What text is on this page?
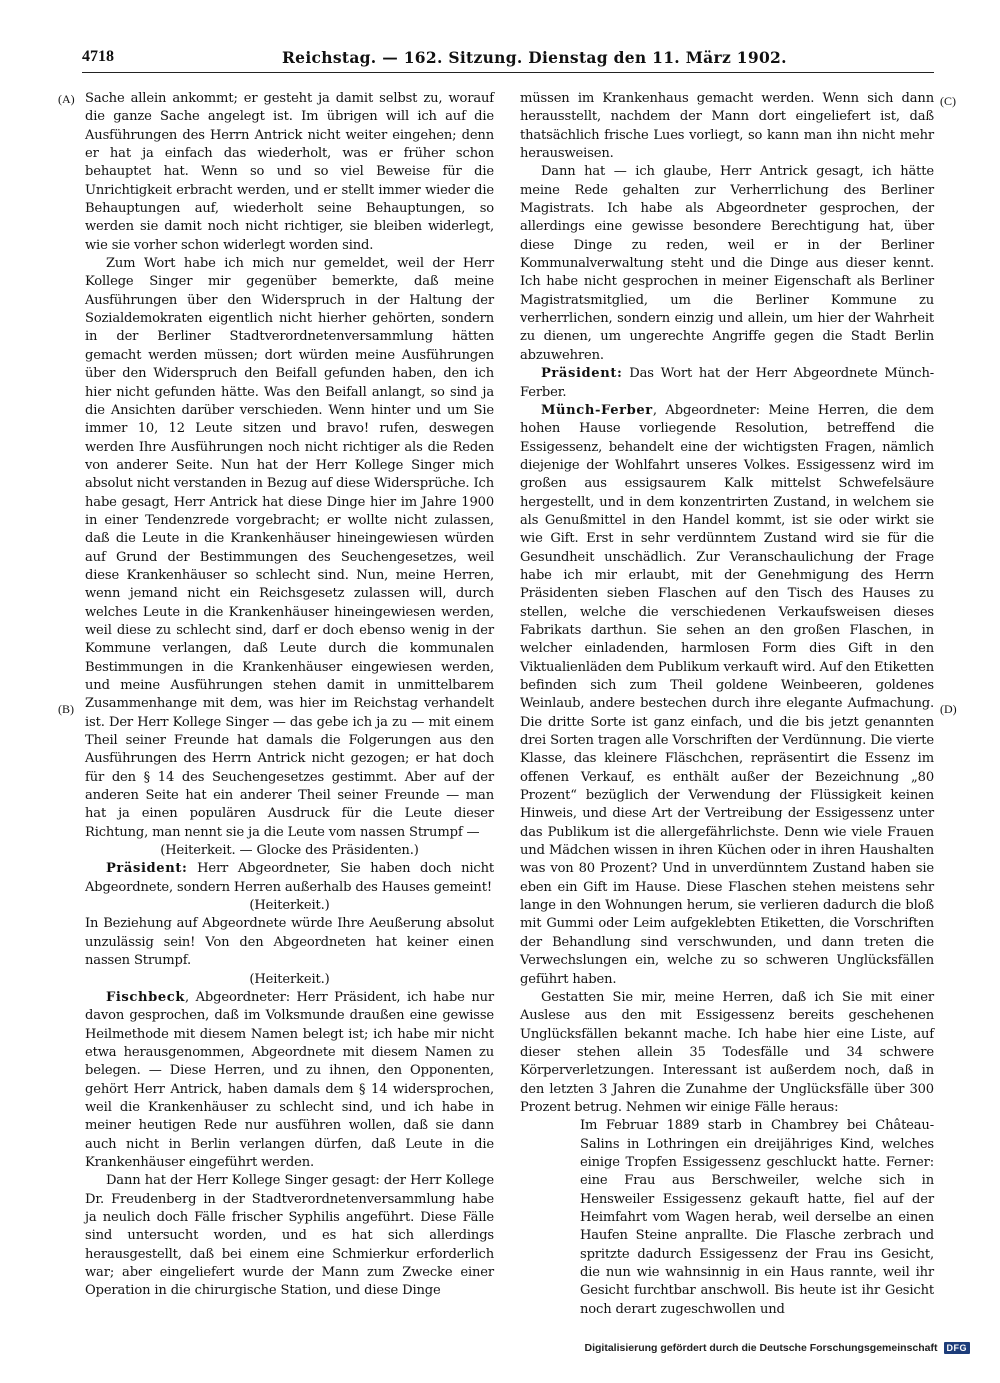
4718	Reichstag. — 162. Sitzung. Dienstag den 11. März 1902.
(A)
(B)
(C)
(D)

Sache allein ankommt; er gesteht ja damit selbst zu, worauf die ganze Sache angelegt ist. Im übrigen will ich auf die Ausführungen des Herrn Antrick nicht weiter eingehen; denn er hat ja einfach das wiederholt, was er früher schon behauptet hat. Wenn so und so viel Beweise für die Unrichtigkeit erbracht werden, und er stellt immer wieder die Behauptungen auf, wiederholt seine Behauptungen, so werden sie damit noch nicht richtiger, sie bleiben widerlegt, wie sie vorher schon widerlegt worden sind.

Zum Wort habe ich mich nur gemeldet, weil der Herr Kollege Singer mir gegenüber bemerkte, daß meine Ausführungen über den Widerspruch in der Haltung der Sozialdemokraten eigentlich nicht hierher gehörten, sondern in der Berliner Stadtverordnetenversammlung hätten gemacht werden müssen; dort würden meine Ausführungen über den Widerspruch den Beifall gefunden haben, den ich hier nicht gefunden hätte. Was den Beifall anlangt, so sind ja die Ansichten darüber verschieden. Wenn hinter und um Sie immer 10, 12 Leute sitzen und bravo! rufen, deswegen werden Ihre Ausführungen noch nicht richtiger als die Reden von anderer Seite. Nun hat der Herr Kollege Singer mich absolut nicht verstanden in Bezug auf diese Widersprüche. Ich habe gesagt, Herr Antrick hat diese Dinge hier im Jahre 1900 in einer Tendenzrede vorgebracht; er wollte nicht zulassen, daß die Leute in die Krankenhäuser hineingewiesen würden auf Grund der Bestimmungen des Seuchengesetzes, weil diese Krankenhäuser so schlecht sind. Nun, meine Herren, wenn jemand nicht ein Reichsgesetz zulassen will, durch welches Leute in die Krankenhäuser hineingewiesen werden, weil diese zu schlecht sind, darf er doch ebenso wenig in der Kommune verlangen, daß Leute durch die kommunalen Bestimmungen in die Krankenhäuser eingewiesen werden, und meine Ausführungen stehen damit in unmittelbarem Zusammenhange mit dem, was hier im Reichstag verhandelt ist. Der Herr Kollege Singer — das gebe ich ja zu — mit einem Theil seiner Freunde hat damals die Folgerungen aus den Ausführungen des Herrn Antrick nicht gezogen; er hat doch für den § 14 des Seuchengesetzes gestimmt. Aber auf der anderen Seite hat ein anderer Theil seiner Freunde — man hat ja einen populären Ausdruck für die Leute dieser Richtung, man nennt sie ja die Leute vom nassen Strumpf —

(Heiterkeit. — Glocke des Präsidenten.)

Präsident: Herr Abgeordneter, Sie haben doch nicht Abgeordnete, sondern Herren außerhalb des Hauses gemeint!

(Heiterkeit.)

In Beziehung auf Abgeordnete würde Ihre Aeußerung absolut unzulässig sein! Von den Abgeordneten hat keiner einen nassen Strumpf.

(Heiterkeit.)

Fischbeck, Abgeordneter: Herr Präsident, ich habe nur davon gesprochen, daß im Volksmunde draußen eine gewisse Heilmethode mit diesem Namen belegt ist; ich habe mir nicht etwa herausgenommen, Abgeordnete mit diesem Namen zu belegen. — Diese Herren, und zu ihnen, den Opponenten, gehört Herr Antrick, haben damals dem § 14 widersprochen, weil die Krankenhäuser zu schlecht sind, und ich habe in meiner heutigen Rede nur ausführen wollen, daß sie dann auch nicht in Berlin verlangen dürfen, daß Leute in die Krankenhäuser eingeführt werden.

Dann hat der Herr Kollege Singer gesagt: der Herr Kollege Dr. Freudenberg in der Stadtverordnetenversammlung habe ja neulich doch Fälle frischer Syphilis angeführt. Diese Fälle sind untersucht worden, und es hat sich allerdings herausgestellt, daß bei einem eine Schmierkur erforderlich war; aber eingeliefert wurde der Mann zum Zwecke einer Operation in die chirurgische Station, und diese Dinge

müssen im Krankenhaus gemacht werden. Wenn sich dann herausstellt, nachdem der Mann dort eingeliefert ist, daß thatsächlich frische Lues vorliegt, so kann man ihn nicht mehr herausweisen.

Dann hat — ich glaube, Herr Antrick gesagt, ich hätte meine Rede gehalten zur Verherrlichung des Berliner Magistrats. Ich habe als Abgeordneter gesprochen, der allerdings eine gewisse besondere Berechtigung hat, über diese Dinge zu reden, weil er in der Berliner Kommunalverwaltung steht und die Dinge aus dieser kennt. Ich habe nicht gesprochen in meiner Eigenschaft als Berliner Magistratsmitglied, um die Berliner Kommune zu verherrlichen, sondern einzig und allein, um hier der Wahrheit zu dienen, um ungerechte Angriffe gegen die Stadt Berlin abzuwehren.

Präsident: Das Wort hat der Herr Abgeordnete Münch-Ferber.

Münch-Ferber, Abgeordneter: Meine Herren, die dem hohen Hause vorliegende Resolution, betreffend die Essigessenz, behandelt eine der wichtigsten Fragen, nämlich diejenige der Wohlfahrt unseres Volkes. Essigessenz wird im großen aus essigsaurem Kalk mittelst Schwefelsäure hergestellt, und in dem konzentrirten Zustand, in welchem sie als Genußmittel in den Handel kommt, ist sie oder wirkt sie wie Gift. Erst in sehr verdünntem Zustand wird sie für die Gesundheit unschädlich. Zur Veranschaulichung der Frage habe ich mir erlaubt, mit der Genehmigung des Herrn Präsidenten sieben Flaschen auf den Tisch des Hauses zu stellen, welche die verschiedenen Verkaufsweisen dieses Fabrikats darthun. Sie sehen an den großen Flaschen, in welcher einladenden, harmlosen Form dies Gift in den Viktualienläden dem Publikum verkauft wird. Auf den Etiketten befinden sich zum Theil goldene Weinbeeren, goldenes Weinlaub, andere bestechen durch ihre elegante Aufmachung. Die dritte Sorte ist ganz einfach, und die bis jetzt genannten drei Sorten tragen alle Vorschriften der Verdünnung. Die vierte Klasse, das kleinere Fläschchen, repräsentirt die Essenz im offenen Verkauf, es enthält außer der Bezeichnung „80 Prozent“ bezüglich der Verwendung der Flüssigkeit keinen Hinweis, und diese Art der Vertreibung der Essigessenz unter das Publikum ist die allergefährlichste. Denn wie viele Frauen und Mädchen wissen in ihren Küchen oder in ihren Haushalten was von 80 Prozent? Und in unverdünntem Zustand haben sie eben ein Gift im Hause. Diese Flaschen stehen meistens sehr lange in den Wohnungen herum, sie verlieren dadurch die bloß mit Gummi oder Leim aufgeklebten Etiketten, die Vorschriften der Behandlung sind verschwunden, und dann treten die Verwechslungen ein, welche zu so schweren Unglücksfällen geführt haben.

Gestatten Sie mir, meine Herren, daß ich Sie mit einer Auslese aus den mit Essigessenz bereits geschehenen Unglücksfällen bekannt mache. Ich habe hier eine Liste, auf dieser stehen allein 35 Todesfälle und 34 schwere Körperverletzungen. Interessant ist außerdem noch, daß in den letzten 3 Jahren die Zunahme der Unglücksfälle über 300 Prozent betrug. Nehmen wir einige Fälle heraus:

Im Februar 1889 starb in Chambrey bei Château-Salins in Lothringen ein dreijähriges Kind, welches einige Tropfen Essigessenz geschluckt hatte. Ferner: eine Frau aus Berschweiler, welche sich in Hensweiler Essigessenz gekauft hatte, fiel auf der Heimfahrt vom Wagen herab, weil derselbe an einen Haufen Steine anprallte. Die Flasche zerbrach und spritzte dadurch Essigessenz der Frau ins Gesicht, die nun wie wahnsinnig in ein Haus rannte, weil ihr Gesicht furchtbar anschwoll. Bis heute ist ihr Gesicht noch derart zugeschwollen und

Digitalisierung gefördert durch die Deutsche Forschungsgemeinschaft	DFG
